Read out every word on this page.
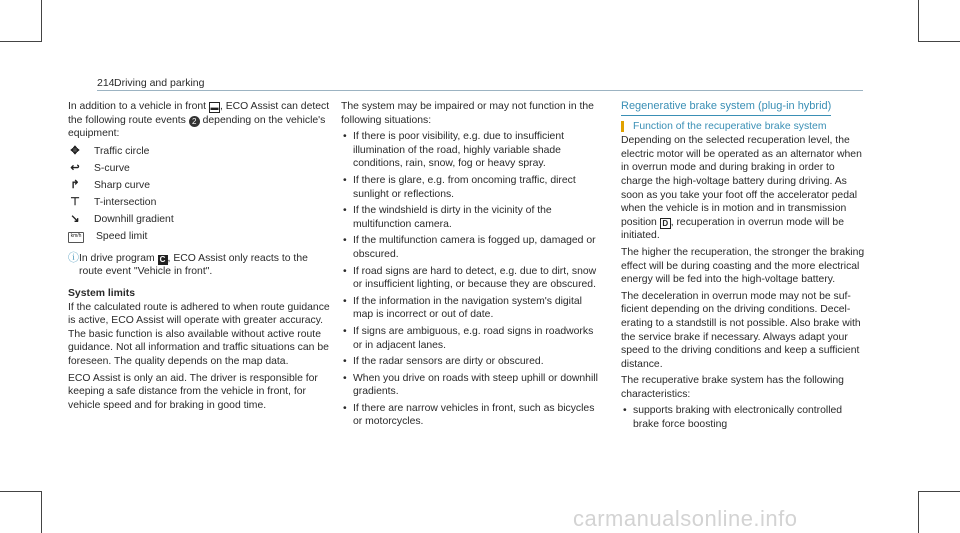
214 Driving and parking

In addition to a vehicle in front ▬ , ECO Assist can detect the following route events 2 depending on the vehicle's equipment:

✥ Traffic circle
↩ S-curve
↱ Sharp curve
⊤ T-intersection
↘ Downhill gradient
km/h Speed limit
ⓘ In drive program C , ECO Assist only reacts to the route event "Vehicle in front".
System limits

If the calculated route is adhered to when route guidance is active, ECO Assist will operate with greater accuracy. The basic function is also available without active route guidance. Not all information and traffic situations can be foreseen. The quality depends on the map data.

ECO Assist is only an aid. The driver is responsible for keeping a safe distance from the vehicle in front, for vehicle speed and for braking in good time.

The system may be impaired or may not function in the following situations:

• If there is poor visibility, e.g. due to insufficient illumination of the road, highly variable shade conditions, rain, snow, fog or heavy spray.
• If there is glare, e.g. from oncoming traffic, direct sunlight or reflections.
• If the windshield is dirty in the vicinity of the multifunction camera.
• If the multifunction camera is fogged up, damaged or obscured.
• If road signs are hard to detect, e.g. due to dirt, snow or insufficient lighting, or because they are obscured.
• If the information in the navigation system's digital map is incorrect or out of date.
• If signs are ambiguous, e.g. road signs in roadworks or in adjacent lanes.
• If the radar sensors are dirty or obscured.
• When you drive on roads with steep uphill or downhill gradients.
• If there are narrow vehicles in front, such as bicycles or motorcycles.
Regenerative brake system (plug-in hybrid)
Function of the recuperative brake system

Depending on the selected recuperation level, the electric motor will be operated as an alternator when in overrun mode and during braking in order to charge the high-voltage battery during driving. As soon as you take your foot off the accelerator pedal when the vehicle is in motion and in transmission position D , recuperation in overrun mode will be initiated.

The higher the recuperation, the stronger the braking effect will be during coasting and the more electrical energy will be fed into the high-voltage battery.

The deceleration in overrun mode may not be sufficient depending on the driving conditions. Decelerating to a standstill is not possible. Also brake with the service brake if necessary. Always adapt your speed to the driving conditions and keep a sufficient distance.

The recuperative brake system has the following characteristics:

• supports braking with electronically controlled brake force boosting
carmanualsonline.info
